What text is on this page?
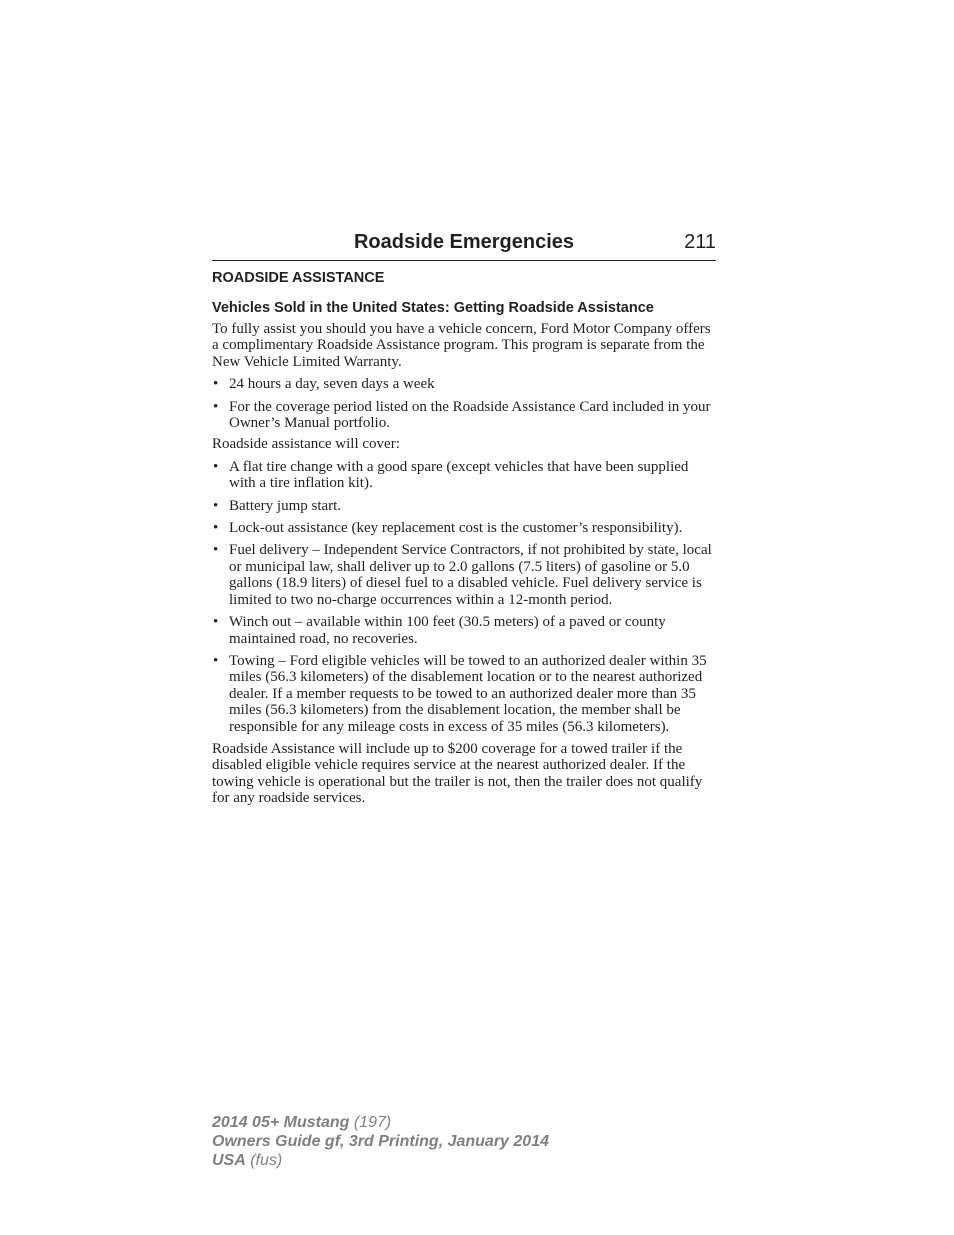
Roadside Emergencies	211
ROADSIDE ASSISTANCE
Vehicles Sold in the United States: Getting Roadside Assistance

To fully assist you should you have a vehicle concern, Ford Motor Company offers a complimentary Roadside Assistance program. This program is separate from the New Vehicle Limited Warranty.

• 24 hours a day, seven days a week
• For the coverage period listed on the Roadside Assistance Card included in your Owner’s Manual portfolio.

Roadside assistance will cover:

• A flat tire change with a good spare (except vehicles that have been supplied with a tire inflation kit).
• Battery jump start.
• Lock-out assistance (key replacement cost is the customer’s responsibility).
• Fuel delivery – Independent Service Contractors, if not prohibited by state, local or municipal law, shall deliver up to 2.0 gallons (7.5 liters) of gasoline or 5.0 gallons (18.9 liters) of diesel fuel to a disabled vehicle. Fuel delivery service is limited to two no-charge occurrences within a 12-month period.
• Winch out – available within 100 feet (30.5 meters) of a paved or county maintained road, no recoveries.
• Towing – Ford eligible vehicles will be towed to an authorized dealer within 35 miles (56.3 kilometers) of the disablement location or to the nearest authorized dealer. If a member requests to be towed to an authorized dealer more than 35 miles (56.3 kilometers) from the disablement location, the member shall be responsible for any mileage costs in excess of 35 miles (56.3 kilometers).

Roadside Assistance will include up to $200 coverage for a towed trailer if the disabled eligible vehicle requires service at the nearest authorized dealer. If the towing vehicle is operational but the trailer is not, then the trailer does not qualify for any roadside services.

2014 05+ Mustang (197)
Owners Guide gf, 3rd Printing, January 2014
USA (fus)
